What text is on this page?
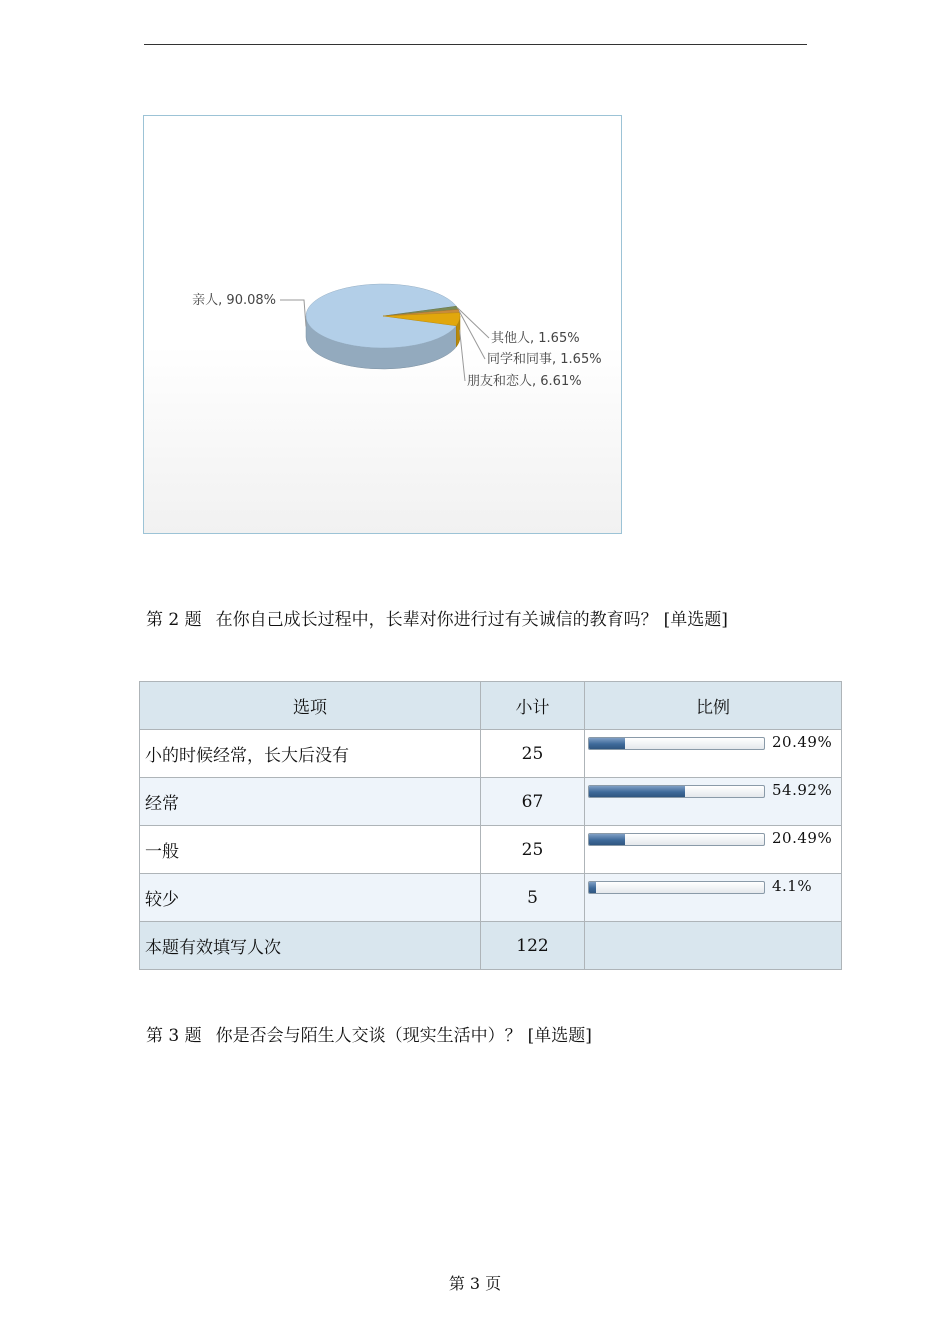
亲人, 90.08%
其他人, 1.65%
同学和同事, 1.65%
朋友和恋人, 6.61%
第 2 题 在你自己成长过程中，长辈对你进行过有关诚信的教育吗？ [单选题]
选项	小计	比例
小的时候经常，长大后没有	25	20.49%

经常	67	54.92%

一般	25	20.49%

较少	5	4.1%

本题有效填写人次	122	
第 3 题 你是否会与陌生人交谈（现实生活中）？ [单选题]
第 3 页
